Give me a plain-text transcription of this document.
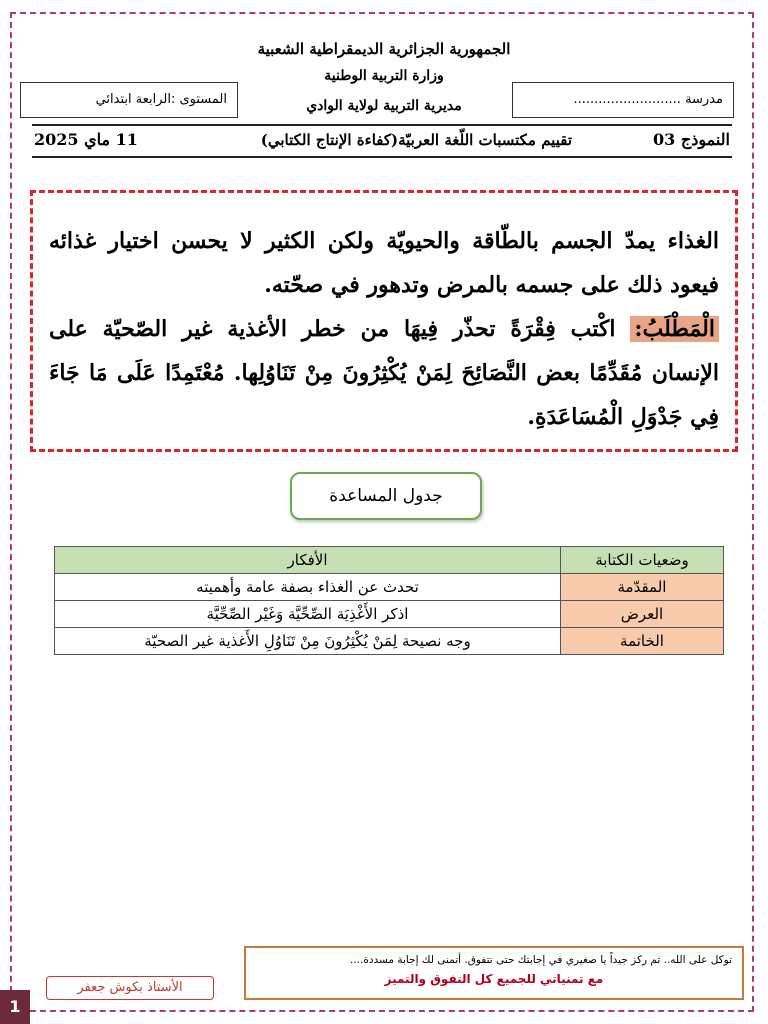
الجمهورية الجزائرية الديمقراطية الشعبية
وزارة التربية الوطنية
مديرية التربية لولاية الوادي	مدرسة ..........................
المستوى :الرابعة ابتدائي
النموذج 03
تقييم مكتسبات اللّغة العربيّة(كفاءة الإنتاج الكتابي)
11 ماي 2025

الغذاء يمدّ الجسم بالطّاقة والحيويّة ولكن الكثير لا يحسن اختيار غذائه فيعود ذلك على جسمه بالمرض وتدهور في صحّته.

الْمَطْلَبُ: اكْتب فِقْرَةً تحذّر فِيهَا من خطر الأغذية غير الصّحيّة على الإنسان مُقَدِّمًا بعض النَّصَائِحَ لِمَنْ يُكْثِرُونَ مِنْ تَنَاوُلِها. مُعْتَمِدًا عَلَى مَا جَاءَ فِي جَدْوَلِ الْمُسَاعَدَةِ.

جدول المساعدة
وضعيات الكتابة	الأفكار
المقدّمة	تحدث عن الغذاء بصفة عامة وأهميته
العرض	اذكر الأَغْذِيَة الصِّحِّيَّة وَغَيْر الصِّحِّيَّة
الخاتمة	وجه نصيحة لِمَنْ يُكْثِرُونَ مِنْ تَنَاوُلِ الأَغذية غير الصحيّة
توكل على الله.. ثم ركز جيداً يا صغيري في إجابتك حتى تتفوق. أتمنى لك إجابة مسددة....
مع تمنياتي للجميع كل التفوق والتميز
الأستاذ بكوش جعفر
1
